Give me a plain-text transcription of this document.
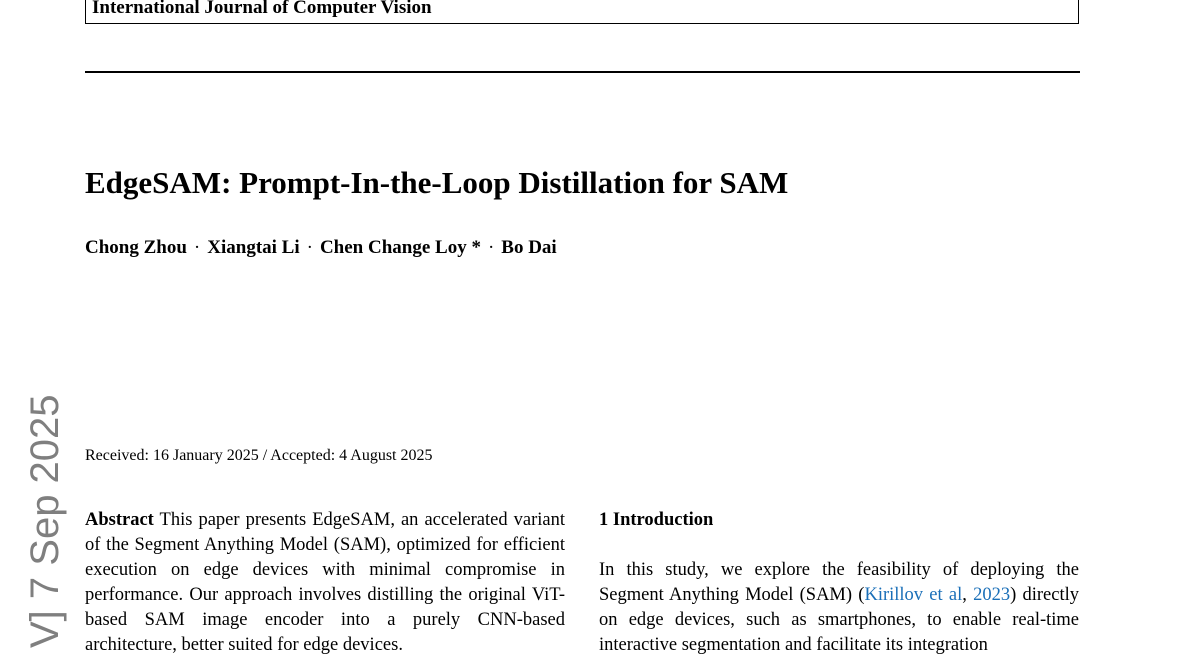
International Journal of Computer Vision
EdgeSAM: Prompt-In-the-Loop Distillation for SAM
Chong Zhou · Xiangtai Li · Chen Change Loy * · Bo Dai
Received: 16 January 2025 / Accepted: 4 August 2025

Abstract This paper presents EdgeSAM, an accelerated variant of the Segment Anything Model (SAM), optimized for efficient execution on edge devices with minimal compromise in performance. Our approach involves distilling the original ViT-based SAM image encoder into a purely CNN-based architecture, better suited for edge devices.

1 Introduction

In this study, we explore the feasibility of deploying the Segment Anything Model (SAM) (Kirillov et al, 2023) directly on edge devices, such as smartphones, to enable real-time interactive segmentation and facilitate its integration

V] 7 Sep 2025
